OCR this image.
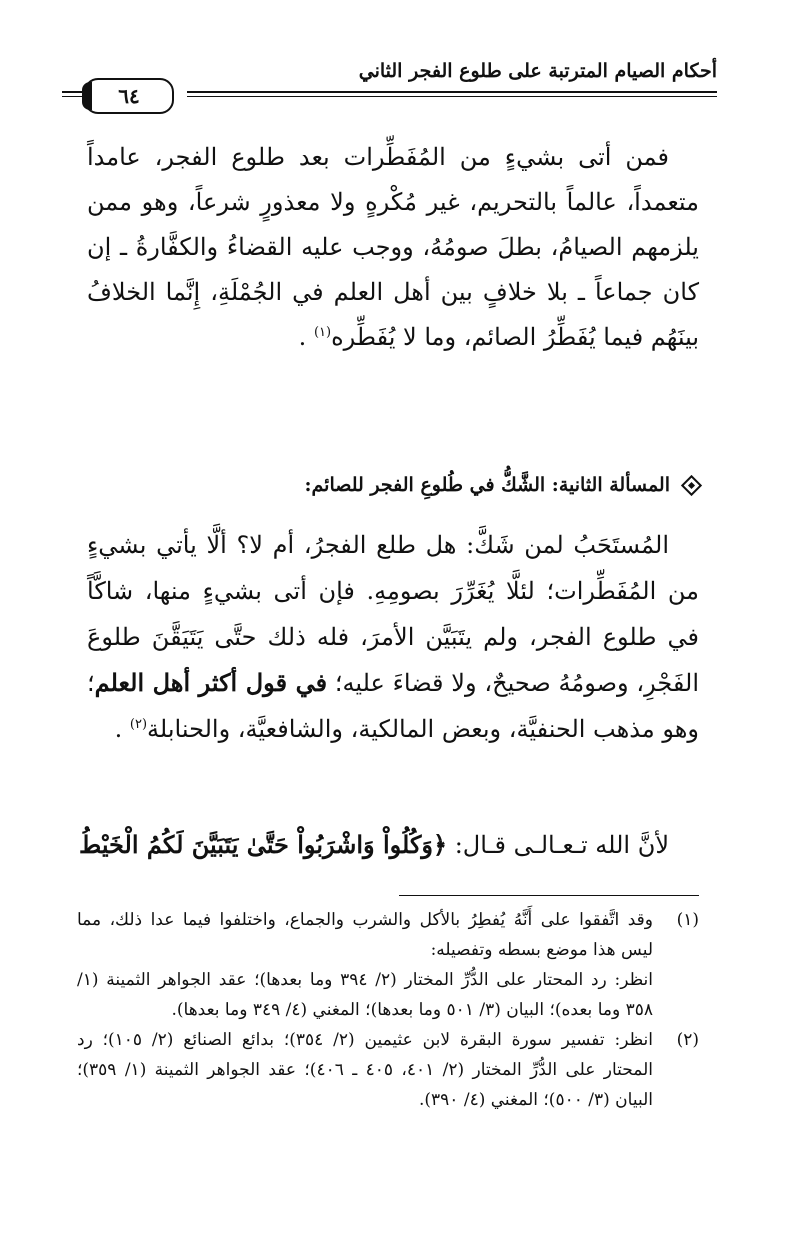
أحكام الصيام المترتبة على طلوع الفجر الثاني
٦٤

فمن أتى بشيءٍ من المُفَطِّرات بعد طلوع الفجر، عامداً متعمداً، عالماً بالتحريم، غير مُكْرهٍ ولا معذورٍ شرعاً، وهو ممن يلزمهم الصيامُ، بطلَ صومُهُ، ووجب عليه القضاءُ والكفَّارةُ ـ إن كان جماعاً ـ بلا خلافٍ بين أهل العلم في الجُمْلَةِ، إِنَّما الخلافُ بينَهُم فيما يُفَطِّرُ الصائم، وما لا يُفَطِّره$^{(١)}$ .

المسألة الثانية: الشَّكُّ في طُلوعِ الفجر للصائم:

المُستَحَبُ لمن شَكَّ: هل طلع الفجرُ، أم لا؟ ألَّا يأتي بشيءٍ من المُفَطِّرات؛ لئلَّا يُغَرِّرَ بصومِهِ. فإن أتى بشيءٍ منها، شاكَّاً في طلوع الفجر، ولم يتَبَيَّن الأمرَ، فله ذلك حتَّى يَتَيَقَّنَ طلوعَ الفَجْرِ، وصومُهُ صحيحٌ، ولا قضاءَ عليه؛ في قول أكثر أهل العلم؛ وهو مذهب الحنفيَّة، وبعض المالكية، والشافعيَّة، والحنابلة$^{(٢)}$ .

لأنَّ الله تـعـالـى قـال: ﴿وَكُلُواْ وَاشْرَبُواْ حَتَّىٰ يَتَبَيَّنَ لَكُمُ الْخَيْطُ
(١)

وقد اتَّفقوا على أَنَّهُ يُفطِرُ بالأكل والشرب والجماع، واختلفوا فيما عدا ذلك، مما ليس هذا موضع بسطه وتفصيله:

انظر: رد المحتار على الدُّرِّ المختار (٢/ ٣٩٤ وما بعدها)؛ عقد الجواهر الثمينة (١/ ٣٥٨ وما بعده)؛ البيان (٣/ ٥٠١ وما بعدها)؛ المغني (٤/ ٣٤٩ وما بعدها).

(٢)

انظر: تفسير سورة البقرة لابن عثيمين (٢/ ٣٥٤)؛ بدائع الصنائع (٢/ ١٠٥)؛ رد المحتار على الدُّرِّ المختار (٢/ ٤٠١، ٤٠٥ ـ ٤٠٦)؛ عقد الجواهر الثمينة (١/ ٣٥٩)؛ البيان (٣/ ٥٠٠)؛ المغني (٤/ ٣٩٠).
